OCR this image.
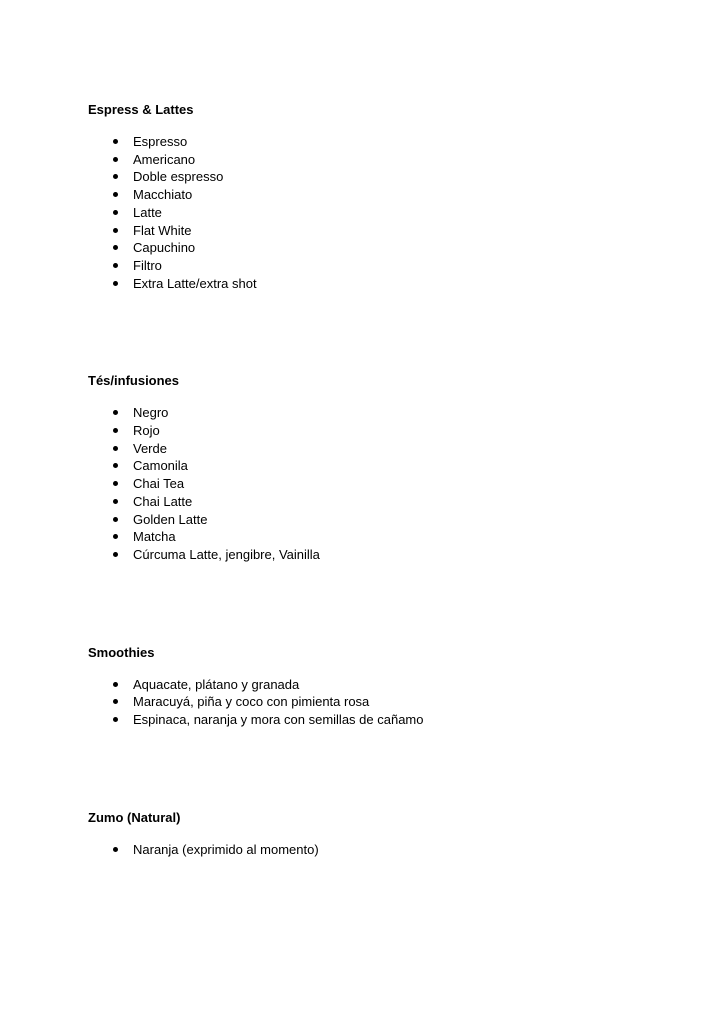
Espress & Lattes
Espresso
Americano
Doble espresso
Macchiato
Latte
Flat White
Capuchino
Filtro
Extra Latte/extra shot
Tés/infusiones
Negro
Rojo
Verde
Camonila
Chai Tea
Chai Latte
Golden Latte
Matcha
Cúrcuma Latte, jengibre, Vainilla
Smoothies
Aquacate, plátano y granada
Maracuyá, piña y coco con pimienta rosa
Espinaca, naranja y mora con semillas de cañamo
Zumo (Natural)
Naranja (exprimido al momento)
